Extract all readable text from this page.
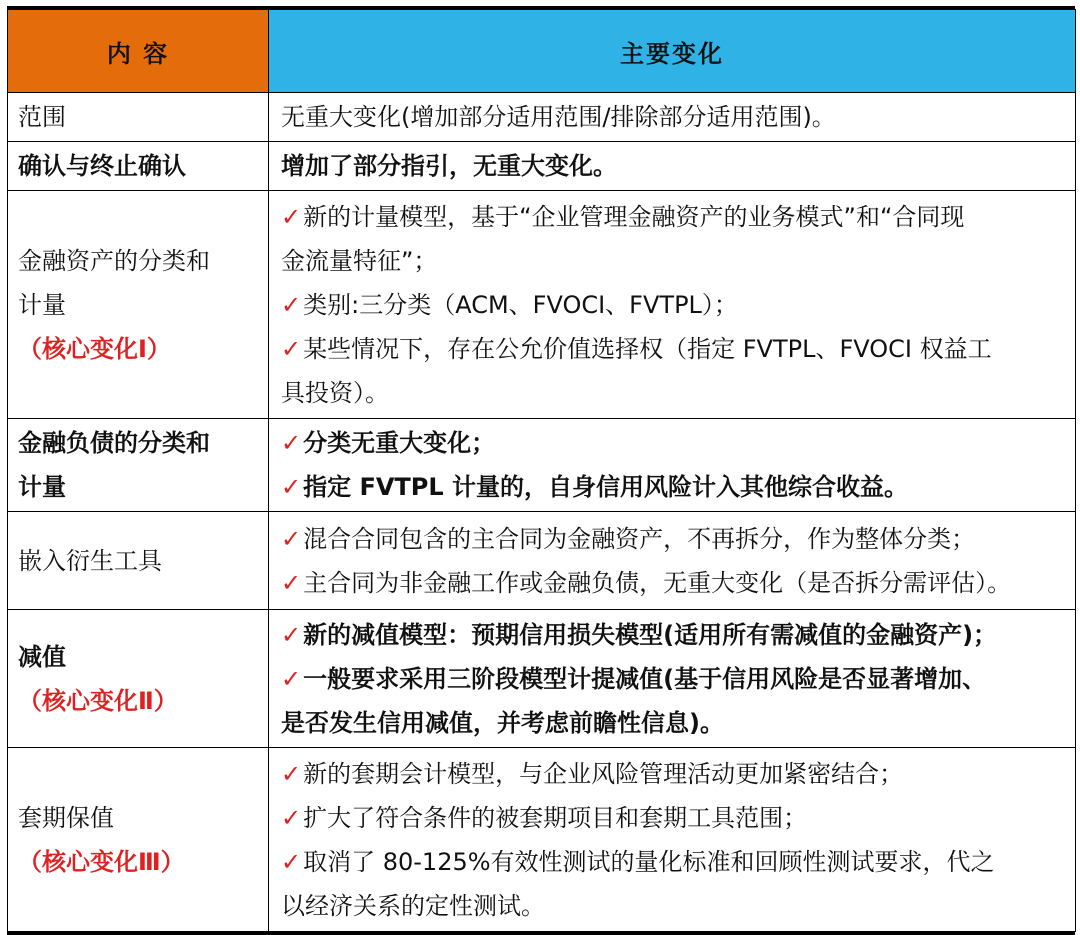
内 容	主要变化

范围	无重大变化(增加部分适用范围/排除部分适用范围)。

确认与终止确认	增加了部分指引，无重大变化。

金融资产的分类和
计量
（核心变化Ⅰ）	✓新的计量模型，基于“企业管理金融资产的业务模式”和“合同现
金流量特征”；
✓类别:三分类（ACM、FVOCI、FVTPL）；
✓某些情况下，存在公允价值选择权（指定 FVTPL、FVOCI 权益工
具投资）。

金融负债的分类和
计量	✓分类无重大变化；
✓指定 FVTPL 计量的，自身信用风险计入其他综合收益。

嵌入衍生工具	✓混合合同包含的主合同为金融资产，不再拆分，作为整体分类；
✓主合同为非金融工作或金融负债，无重大变化（是否拆分需评估）。

减值
（核心变化Ⅱ）	✓新的减值模型：预期信用损失模型(适用所有需减值的金融资产)；
✓一般要求采用三阶段模型计提减值(基于信用风险是否显著增加、
是否发生信用减值，并考虑前瞻性信息)。

套期保值
（核心变化Ⅲ）	✓新的套期会计模型，与企业风险管理活动更加紧密结合；
✓扩大了符合条件的被套期项目和套期工具范围；
✓取消了 80-125%有效性测试的量化标准和回顾性测试要求，代之
以经济关系的定性测试。
